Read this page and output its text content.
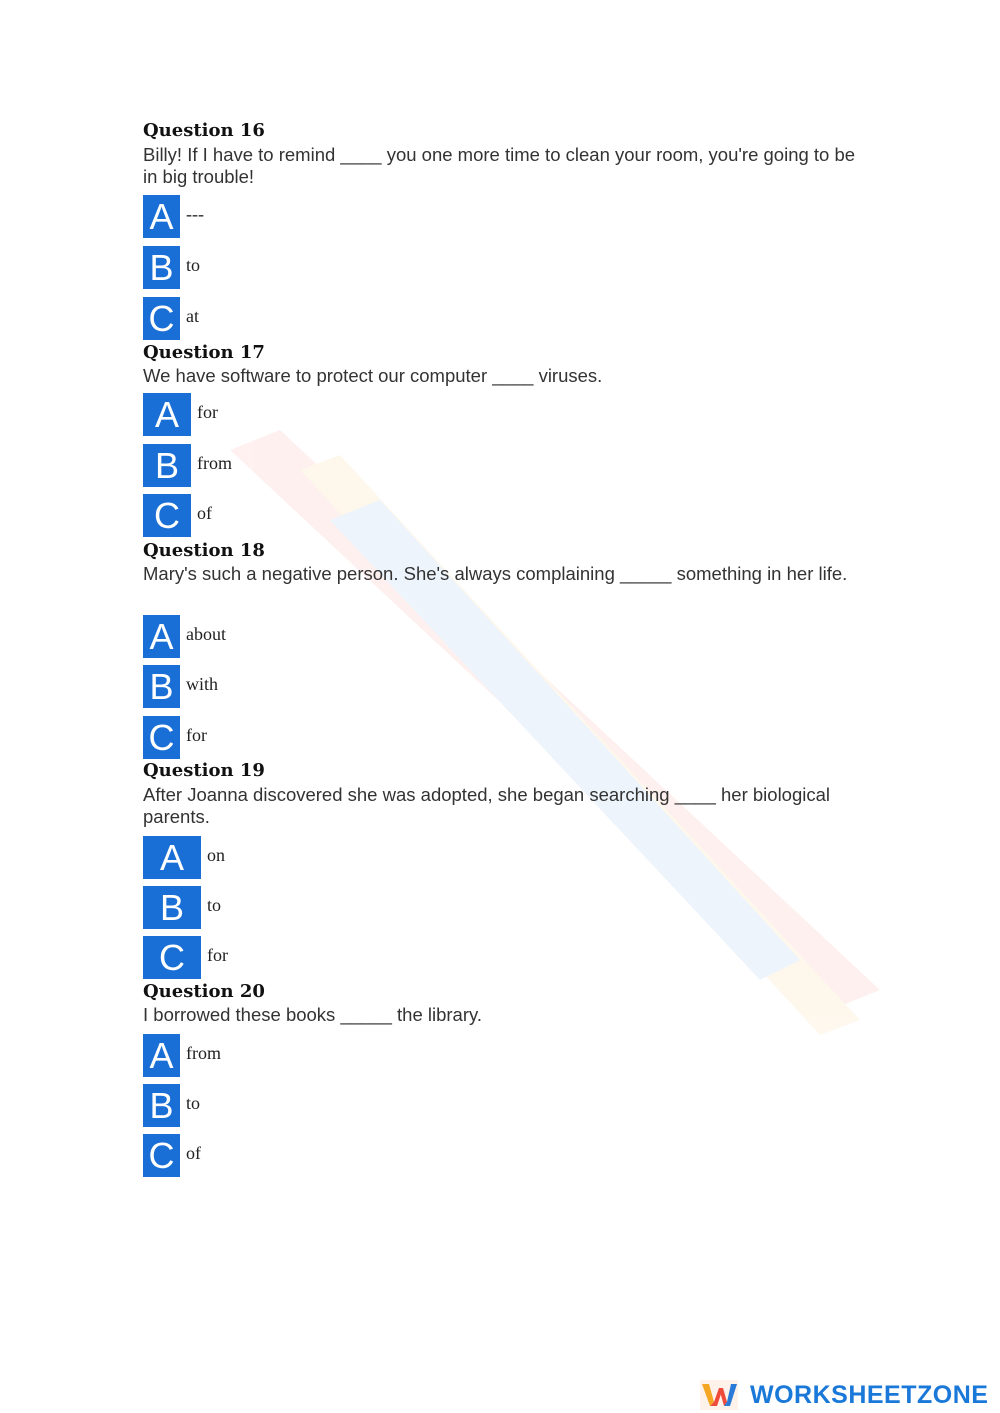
Question 16
Billy! If I have to remind ____ you one more time to clean your room, you're going to be in big trouble!
A ---
B to
C at
Question 17
We have software to protect our computer ____ viruses.
A	for
B	from
C of
Question 18
Mary's such a negative person. She's always complaining _____ something in her life.
A about
B with
C for
Question 19
After Joanna discovered she was adopted, she began searching ____ her biological parents.
A	on
B	to
C	for
Question 20
I borrowed these books _____ the library.
A from
B to
C of
WORKSHEETZONE
